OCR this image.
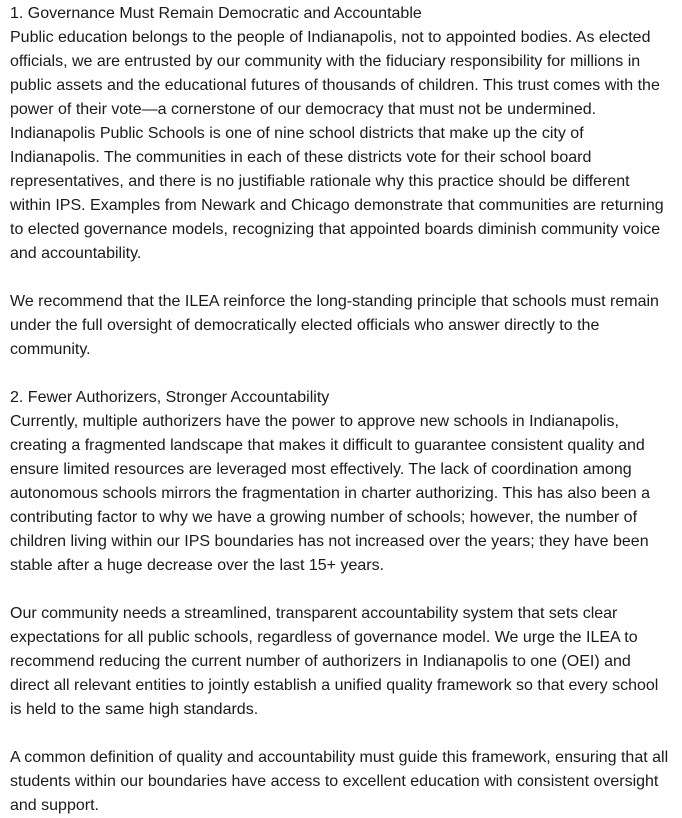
1. Governance Must Remain Democratic and Accountable

Public education belongs to the people of Indianapolis, not to appointed bodies. As elected officials, we are entrusted by our community with the fiduciary responsibility for millions in public assets and the educational futures of thousands of children. This trust comes with the power of their vote—a cornerstone of our democracy that must not be undermined. Indianapolis Public Schools is one of nine school districts that make up the city of Indianapolis. The communities in each of these districts vote for their school board representatives, and there is no justifiable rationale why this practice should be different within IPS. Examples from Newark and Chicago demonstrate that communities are returning to elected governance models, recognizing that appointed boards diminish community voice and accountability.

We recommend that the ILEA reinforce the long-standing principle that schools must remain under the full oversight of democratically elected officials who answer directly to the community.

2. Fewer Authorizers, Stronger Accountability

Currently, multiple authorizers have the power to approve new schools in Indianapolis, creating a fragmented landscape that makes it difficult to guarantee consistent quality and ensure limited resources are leveraged most effectively. The lack of coordination among autonomous schools mirrors the fragmentation in charter authorizing. This has also been a contributing factor to why we have a growing number of schools; however, the number of children living within our IPS boundaries has not increased over the years; they have been stable after a huge decrease over the last 15+ years.

Our community needs a streamlined, transparent accountability system that sets clear expectations for all public schools, regardless of governance model. We urge the ILEA to recommend reducing the current number of authorizers in Indianapolis to one (OEI) and direct all relevant entities to jointly establish a unified quality framework so that every school is held to the same high standards.

A common definition of quality and accountability must guide this framework, ensuring that all students within our boundaries have access to excellent education with consistent oversight and support.
